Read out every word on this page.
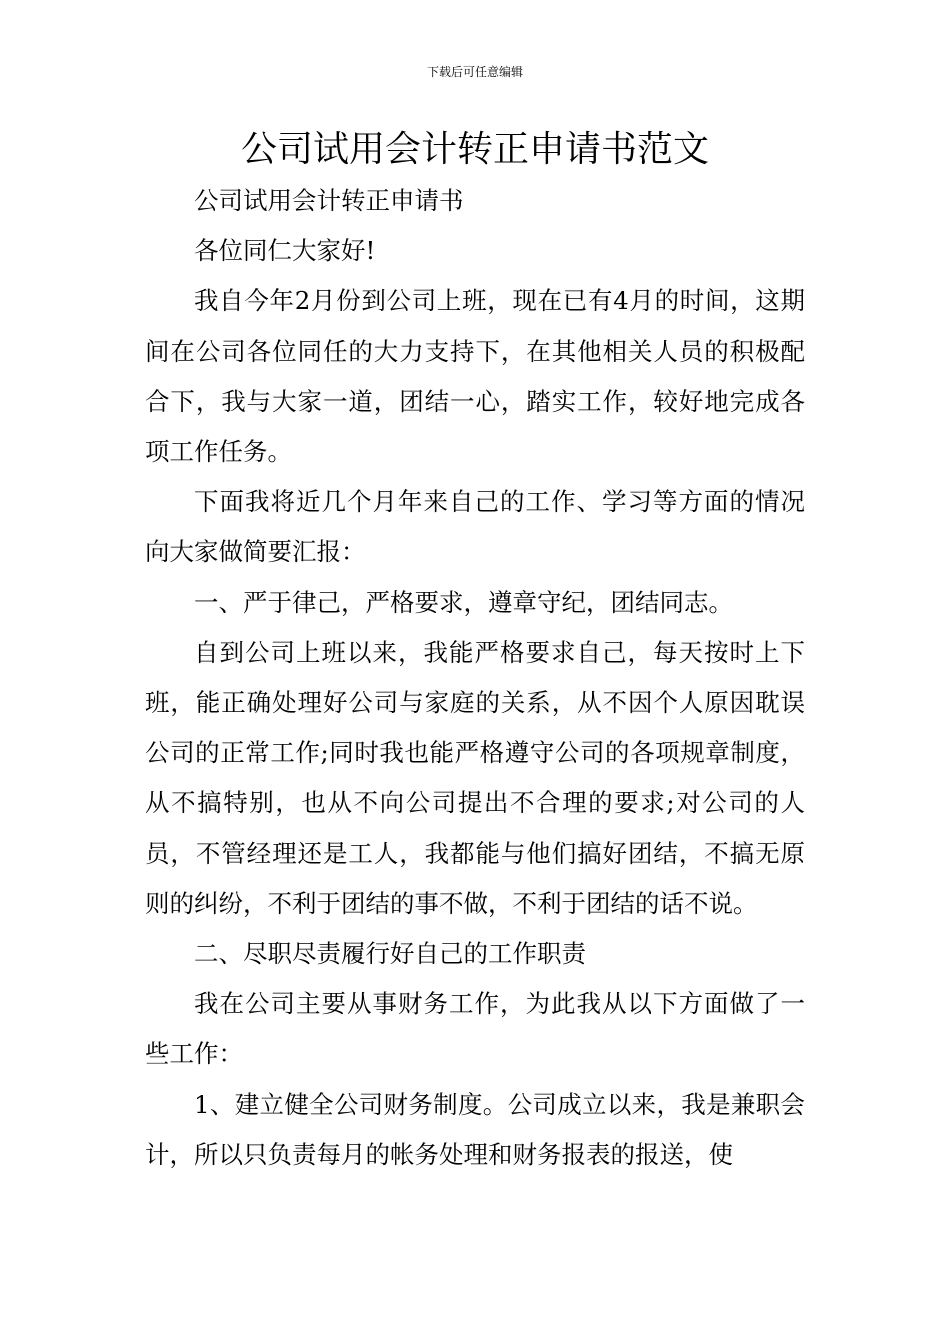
下载后可任意编辑
公司试用会计转正申请书范文

公司试用会计转正申请书

各位同仁大家好!

我自今年2月份到公司上班，现在已有4月的时间，这期间在公司各位同任的大力支持下，在其他相关人员的积极配合下，我与大家一道，团结一心，踏实工作，较好地完成各项工作任务。

下面我将近几个月年来自己的工作、学习等方面的情况向大家做简要汇报：

一、严于律己，严格要求，遵章守纪，团结同志。

自到公司上班以来，我能严格要求自己，每天按时上下班，能正确处理好公司与家庭的关系，从不因个人原因耽误公司的正常工作;同时我也能严格遵守公司的各项规章制度，从不搞特别，也从不向公司提出不合理的要求;对公司的人员，不管经理还是工人，我都能与他们搞好团结，不搞无原则的纠纷，不利于团结的事不做，不利于团结的话不说。

二、尽职尽责履行好自己的工作职责

我在公司主要从事财务工作，为此我从以下方面做了一些工作：

1、建立健全公司财务制度。公司成立以来，我是兼职会计，所以只负责每月的帐务处理和财务报表的报送，使
